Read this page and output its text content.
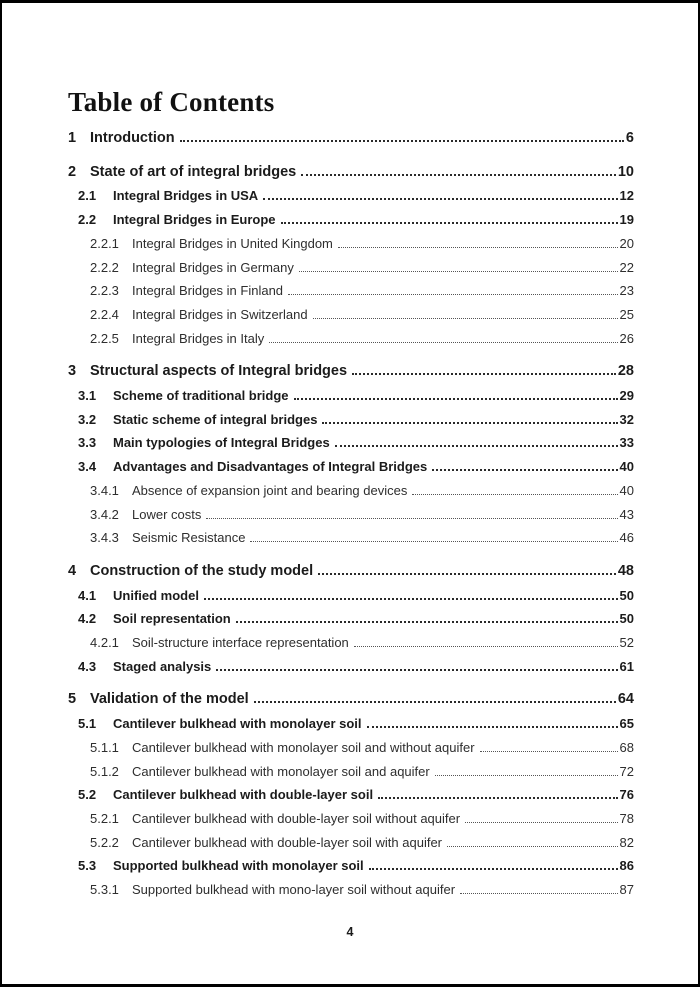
Table of Contents
1 Introduction	6
2 State of art of integral bridges	10
2.1	Integral Bridges in USA	12
2.2	Integral Bridges in Europe	19
2.2.1	Integral Bridges in United Kingdom	20
2.2.2	Integral Bridges in Germany	22
2.2.3	Integral Bridges in Finland	23
2.2.4	Integral Bridges in Switzerland	25
2.2.5	Integral Bridges in Italy	26
3 Structural aspects of Integral bridges	28
3.1	Scheme of traditional bridge	29
3.2	Static scheme of integral bridges	32
3.3	Main typologies of Integral Bridges	33
3.4	Advantages and Disadvantages of Integral Bridges	40
3.4.1	Absence of expansion joint and bearing devices	40
3.4.2	Lower costs	43
3.4.3	Seismic Resistance	46
4 Construction of the study model	48
4.1	Unified model	50
4.2	Soil representation	50
4.2.1	Soil-structure interface representation	52
4.3	Staged analysis	61
5 Validation of the model	64
5.1	Cantilever bulkhead with monolayer soil	65
5.1.1	Cantilever bulkhead with monolayer soil and without aquifer	68
5.1.2	Cantilever bulkhead with monolayer soil and aquifer	72
5.2	Cantilever bulkhead with double-layer soil	76
5.2.1	Cantilever bulkhead with double-layer soil without aquifer	78
5.2.2	Cantilever bulkhead with double-layer soil with aquifer	82
5.3	Supported bulkhead with monolayer soil	86
5.3.1	Supported bulkhead with mono-layer soil without aquifer	87
4
